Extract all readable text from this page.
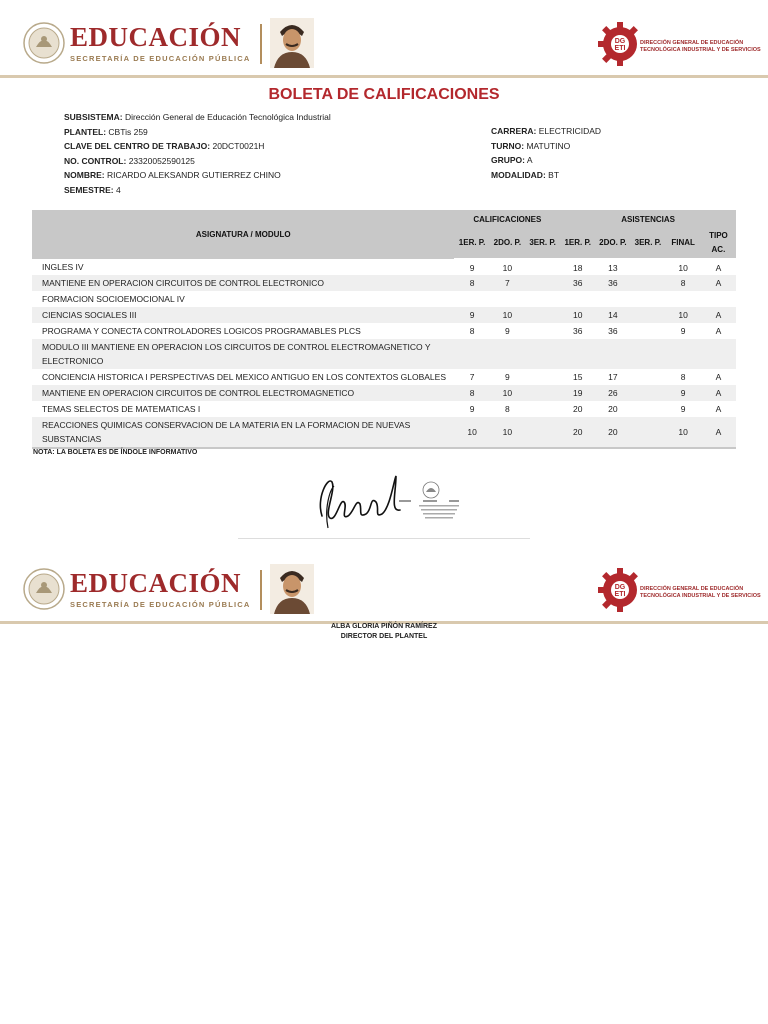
EDUCACIÓN
SECRETARÍA DE EDUCACIÓN PÚBLICA
DG
ETI
DIRECCIÓN GENERAL DE EDUCACIÓN
TECNOLÓGICA INDUSTRIAL Y DE SERVICIOS
BOLETA DE CALIFICACIONES
SUBSISTEMA: Dirección General de Educación Tecnológica Industrial
PLANTEL: CBTis 259
CLAVE DEL CENTRO DE TRABAJO: 20DCT0021H
NO. CONTROL: 23320052590125
NOMBRE: RICARDO ALEKSANDR GUTIERREZ CHINO
SEMESTRE: 4
CARRERA: ELECTRICIDAD
TURNO: MATUTINO
GRUPO: A
MODALIDAD: BT
ASIGNATURA / MODULO	CALIFICACIONES			ASISTENCIAS				
	1ER. P.	2DO. P.	3ER. P.	1ER. P.	2DO. P.	3ER. P.	FINAL	TIPO AC.
INGLES IV	9	10		18	13		10	A
MANTIENE EN OPERACION CIRCUITOS DE CONTROL ELECTRONICO	8	7		36	36		8	A
FORMACION SOCIOEMOCIONAL IV								
CIENCIAS SOCIALES III	9	10		10	14		10	A
PROGRAMA Y CONECTA CONTROLADORES LOGICOS PROGRAMABLES PLCS	8	9		36	36		9	A
MODULO III MANTIENE EN OPERACION LOS CIRCUITOS DE CONTROL ELECTROMAGNETICO Y ELECTRONICO								
CONCIENCIA HISTORICA I PERSPECTIVAS DEL MEXICO ANTIGUO EN LOS CONTEXTOS GLOBALES	7	9		15	17		8	A
MANTIENE EN OPERACION CIRCUITOS DE CONTROL ELECTROMAGNETICO	8	10		19	26		9	A
TEMAS SELECTOS DE MATEMATICAS I	9	8		20	20		9	A
REACCIONES QUIMICAS CONSERVACION DE LA MATERIA EN LA FORMACION DE NUEVAS SUBSTANCIAS	10	10		20	20		10	A
NOTA: LA BOLETA ES DE ÍNDOLE INFORMATIVO
EDUCACIÓN
SECRETARÍA DE EDUCACIÓN PÚBLICA
DG
ETI
DIRECCIÓN GENERAL DE EDUCACIÓN
TECNOLÓGICA INDUSTRIAL Y DE SERVICIOS
ALBA GLORIA PIÑÓN RAMÍREZ
DIRECTOR DEL PLANTEL
